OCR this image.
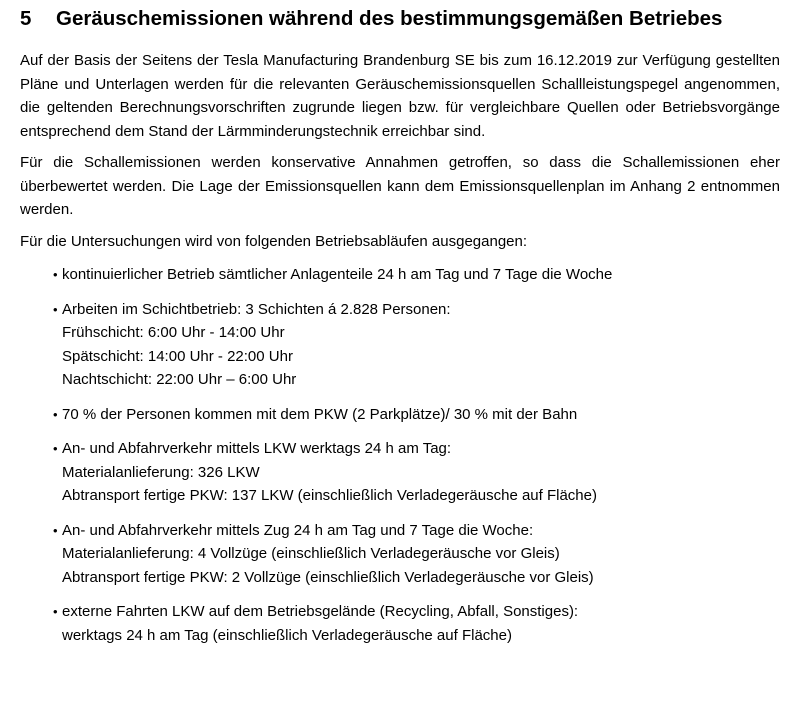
5	Geräuschemissionen während des bestimmungsgemäßen Betriebes

Auf der Basis der Seitens der Tesla Manufacturing Brandenburg SE bis zum 16.12.2019 zur Verfügung gestellten Pläne und Unterlagen werden für die relevanten Geräuschemissionsquellen Schallleistungspegel angenommen, die geltenden Berechnungsvorschriften zugrunde liegen bzw. für vergleichbare Quellen oder Betriebsvorgänge entsprechend dem Stand der Lärmminderungstechnik erreichbar sind.

Für die Schallemissionen werden konservative Annahmen getroffen, so dass die Schallemissionen eher überbewertet werden. Die Lage der Emissionsquellen kann dem Emissionsquellenplan im Anhang 2 entnommen werden.

Für die Untersuchungen wird von folgenden Betriebsabläufen ausgegangen:

• kontinuierlicher Betrieb sämtlicher Anlagenteile 24 h am Tag und 7 Tage die Woche
• Arbeiten im Schichtbetrieb: 3 Schichten á 2.828 Personen:
Frühschicht: 6:00 Uhr - 14:00 Uhr
Spätschicht: 14:00 Uhr - 22:00 Uhr
Nachtschicht: 22:00 Uhr – 6:00 Uhr
• 70 % der Personen kommen mit dem PKW (2 Parkplätze)/ 30 % mit der Bahn
• An- und Abfahrverkehr mittels LKW werktags 24 h am Tag:
Materialanlieferung: 326 LKW
Abtransport fertige PKW: 137 LKW (einschließlich Verladegeräusche auf Fläche)
• An- und Abfahrverkehr mittels Zug 24 h am Tag und 7 Tage die Woche:
Materialanlieferung: 4 Vollzüge (einschließlich Verladegeräusche vor Gleis)
Abtransport fertige PKW: 2 Vollzüge (einschließlich Verladegeräusche vor Gleis)
• externe Fahrten LKW auf dem Betriebsgelände (Recycling, Abfall, Sonstiges):
werktags 24 h am Tag (einschließlich Verladegeräusche auf Fläche)
